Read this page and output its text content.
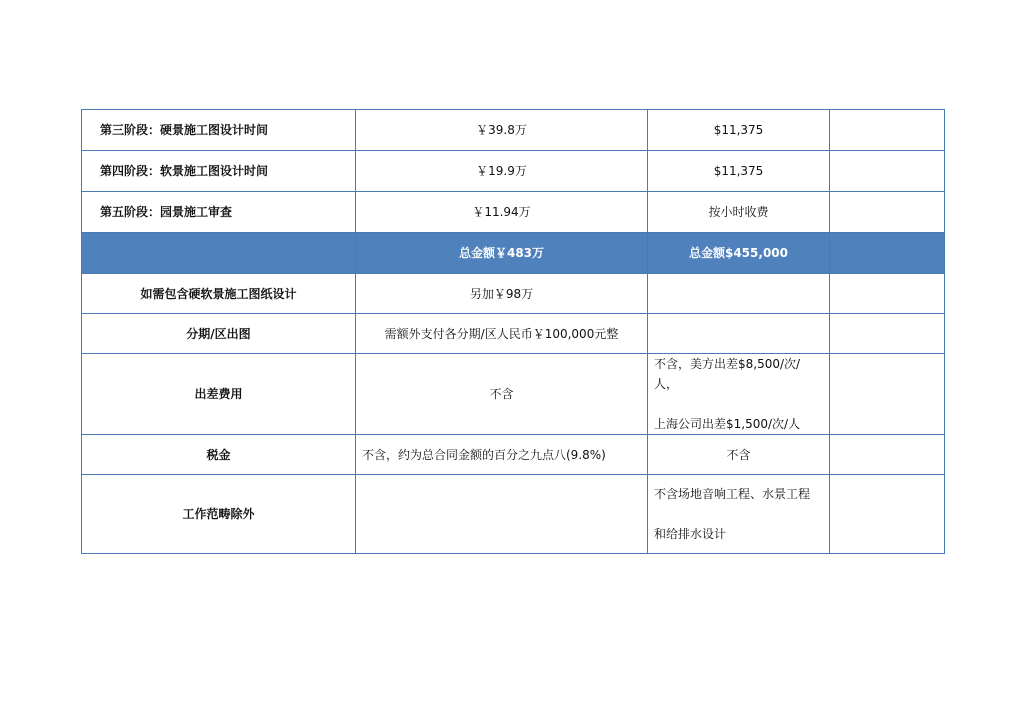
第三阶段：硬景施工图设计时间	￥39.8万	$11,375	
第四阶段：软景施工图设计时间	￥19.9万	$11,375	
第五阶段：园景施工审查	￥11.94万	按小时收费	
	总金额￥483万	总金额$455,000	
如需包含硬软景施工图纸设计	另加￥98万		
分期/区出图	需额外支付各分期/区人民币￥100,000元整		
出差费用	不含	不含，美方出差$8,500/次/人，
上海公司出差$1,500/次/人	

税金	不含，约为总合同金额的百分之九点八(9.8%)	不含	
工作范畴除外		不含场地音响工程、水景工程
和给排水设计	
